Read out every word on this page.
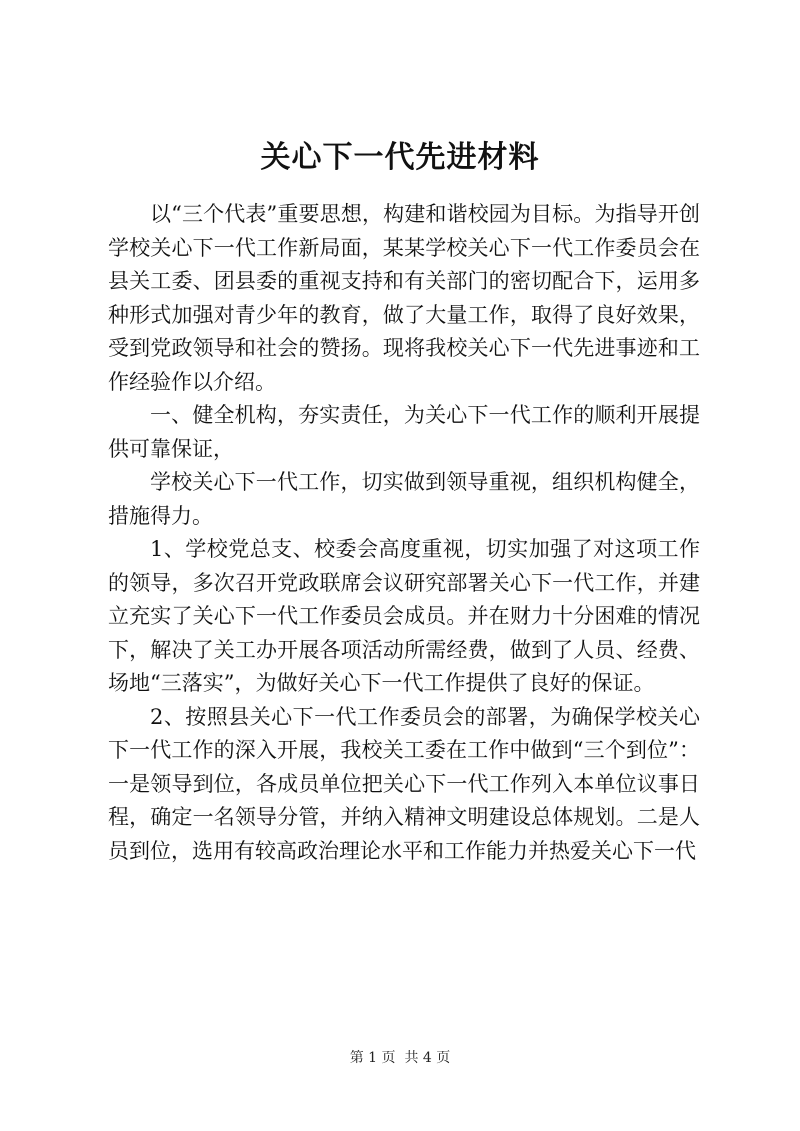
关心下一代先进材料

以“三个代表”重要思想，构建和谐校园为目标。为指导开创学校关心下一代工作新局面，某某学校关心下一代工作委员会在县关工委、团县委的重视支持和有关部门的密切配合下，运用多种形式加强对青少年的教育，做了大量工作，取得了良好效果，受到党政领导和社会的赞扬。现将我校关心下一代先进事迹和工作经验作以介绍。

一、健全机构，夯实责任，为关心下一代工作的顺利开展提供可靠保证，

学校关心下一代工作，切实做到领导重视，组织机构健全，措施得力。

1、学校党总支、校委会高度重视，切实加强了对这项工作的领导，多次召开党政联席会议研究部署关心下一代工作，并建立充实了关心下一代工作委员会成员。并在财力十分困难的情况下，解决了关工办开展各项活动所需经费，做到了人员、经费、场地“三落实”，为做好关心下一代工作提供了良好的保证。

2、按照县关心下一代工作委员会的部署，为确保学校关心下一代工作的深入开展，我校关工委在工作中做到“三个到位”：一是领导到位，各成员单位把关心下一代工作列入本单位议事日程，确定一名领导分管，并纳入精神文明建设总体规划。二是人员到位，选用有较高政治理论水平和工作能力并热爱关心下一代

第 1 页  共 4 页
